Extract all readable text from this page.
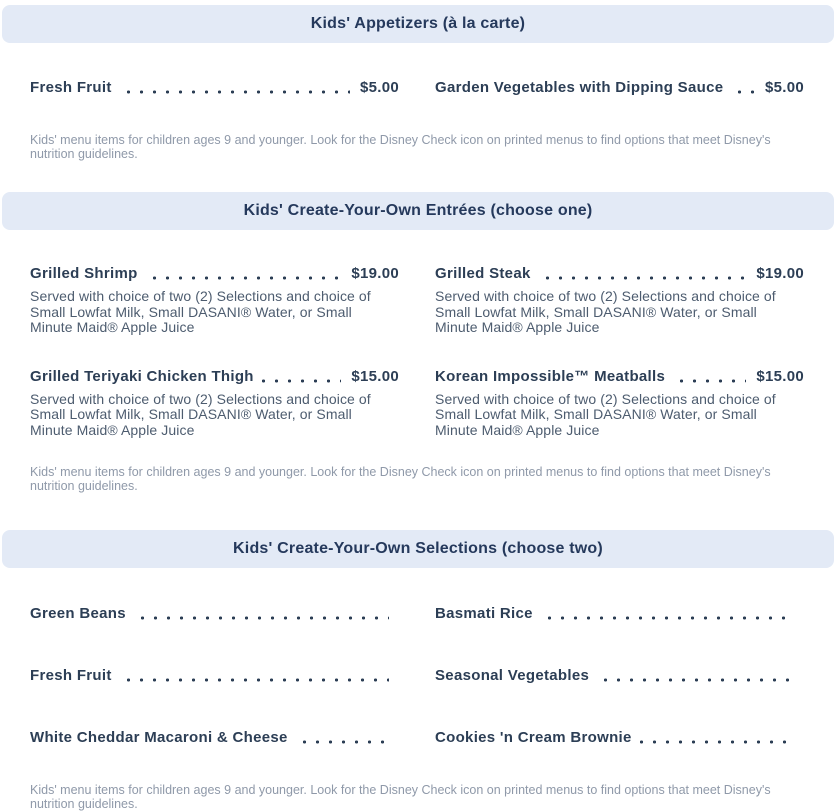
Kids' Appetizers (à la carte)
Fresh Fruit	$5.00 Garden Vegetables with Dipping Sauce	$5.00

Kids' menu items for children ages 9 and younger. Look for the Disney Check icon on printed menus to find options that meet Disney's nutrition guidelines.

Kids' Create-Your-Own Entrées (choose one)
Grilled Shrimp	$19.00

Served with choice of two (2) Selections and choice of Small Lowfat Milk, Small DASANI® Water, or Small Minute Maid® Apple Juice

Grilled Steak	$19.00

Served with choice of two (2) Selections and choice of Small Lowfat Milk, Small DASANI® Water, or Small Minute Maid® Apple Juice

Grilled Teriyaki Chicken Thigh	$15.00

Served with choice of two (2) Selections and choice of Small Lowfat Milk, Small DASANI® Water, or Small Minute Maid® Apple Juice

Korean Impossible™ Meatballs	$15.00

Served with choice of two (2) Selections and choice of Small Lowfat Milk, Small DASANI® Water, or Small Minute Maid® Apple Juice

Kids' menu items for children ages 9 and younger. Look for the Disney Check icon on printed menus to find options that meet Disney's nutrition guidelines.

Kids' Create-Your-Own Selections (choose two)
Green Beans	Basmati Rice
Fresh Fruit	Seasonal Vegetables
White Cheddar Macaroni & Cheese	Cookies 'n Cream Brownie

Kids' menu items for children ages 9 and younger. Look for the Disney Check icon on printed menus to find options that meet Disney's nutrition guidelines.
